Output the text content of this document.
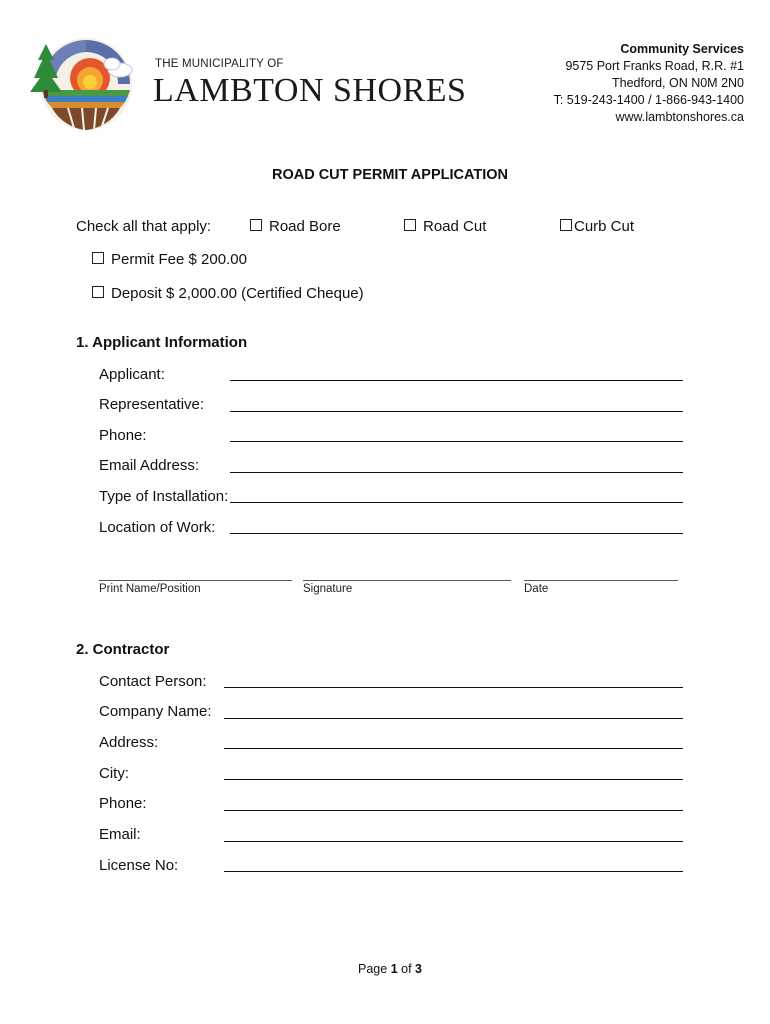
THE MUNICIPALITY OF
LAMBTON SHORES
Community Services
9575 Port Franks Road, R.R. #1
Thedford, ON N0M 2N0
T: 519-243-1400 / 1-866-943-1400
www.lambtonshores.ca
ROAD CUT PERMIT APPLICATION
Check all that apply:	Road Bore	Road Cut	Curb Cut
Permit Fee $ 200.00
Deposit $ 2,000.00 (Certified Cheque)
1. Applicant Information
Applicant:
Representative:
Phone:
Email Address:
Type of Installation:
Location of Work:
Print Name/Position	Signature	Date
2. Contractor
Contact Person:
Company Name:
Address:
City:
Phone:
Email:
License No:
Page 1 of 3
